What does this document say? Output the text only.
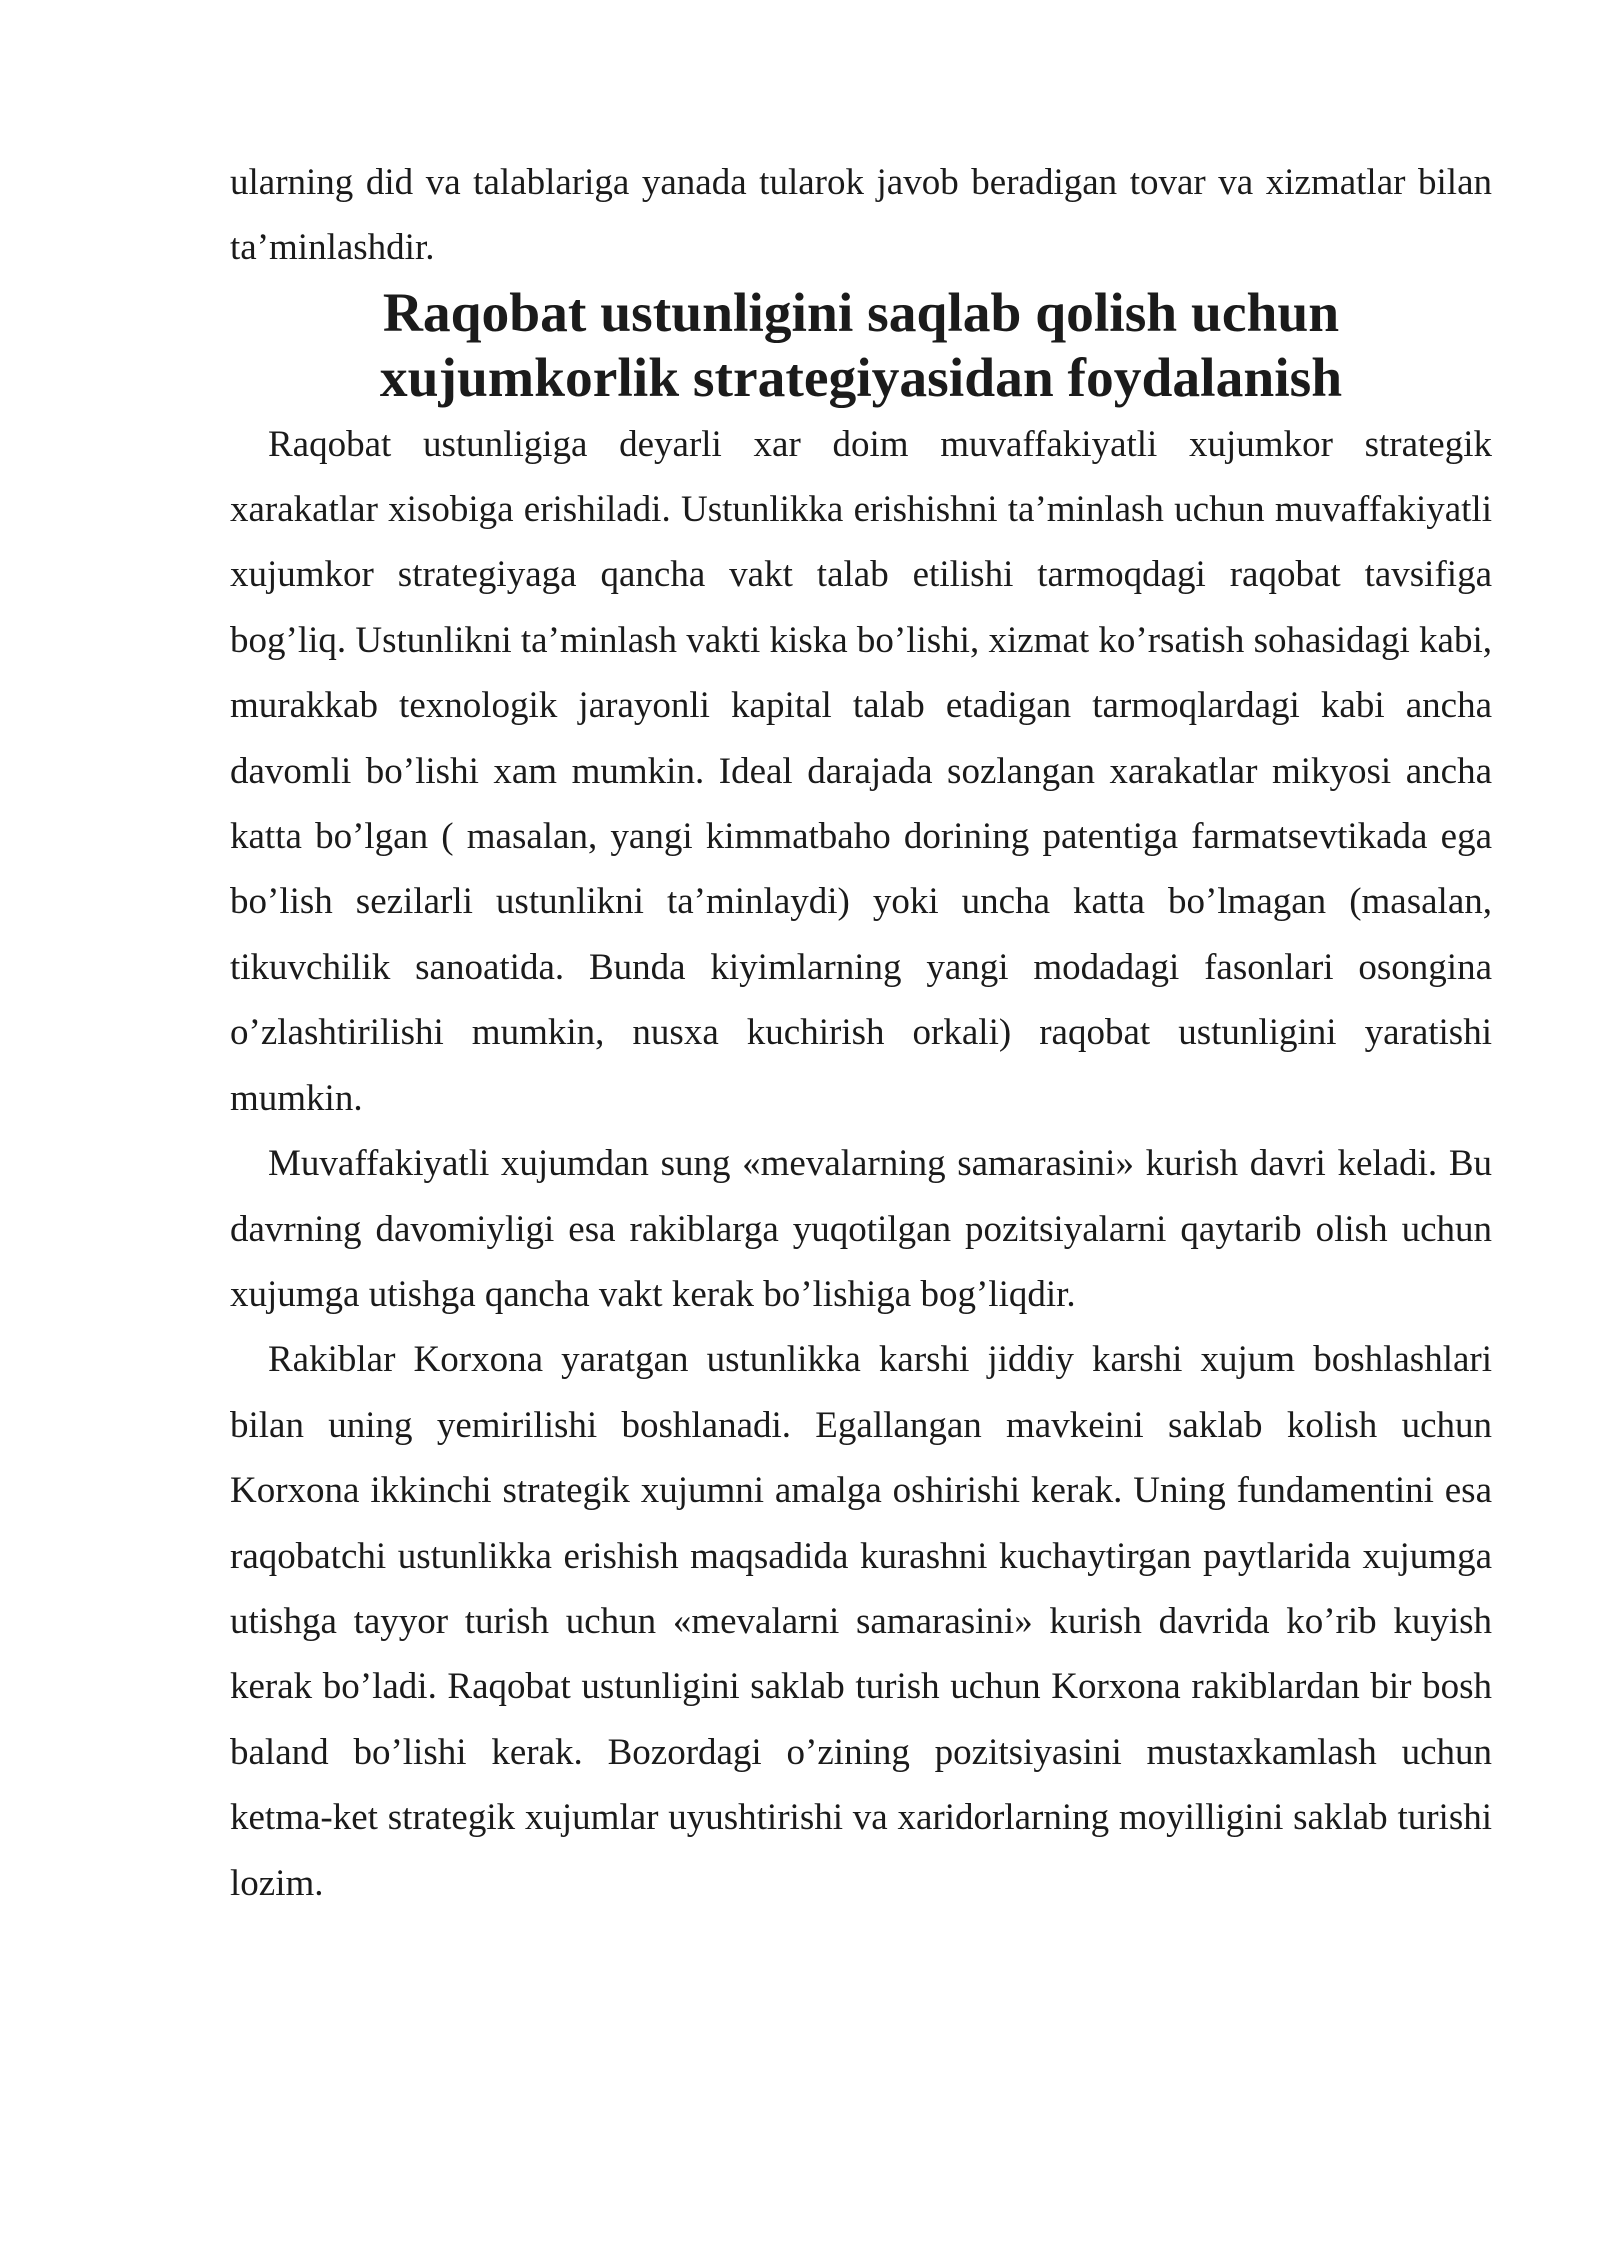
ularning did va talablariga yanada tularok javob beradigan tovar va xizmatlar bilan ta’minlashdir.

Raqobat ustunligini saqlab qolish uchun xujumkorlik strategiyasidan foydalanish

Raqobat ustunligiga deyarli xar doim muvaffakiyatli xujumkor strategik xarakatlar xisobiga erishiladi. Ustunlikka erishishni ta’minlash uchun muvaffakiyatli xujumkor strategiyaga qancha vakt talab etilishi tarmoqdagi raqobat tavsifiga bog’liq. Ustunlikni ta’minlash vakti kiska bo’lishi, xizmat ko’rsatish sohasidagi kabi, murakkab texnologik jarayonli kapital talab etadigan tarmoqlardagi kabi ancha davomli bo’lishi xam mumkin. Ideal darajada sozlangan xarakatlar mikyosi ancha katta bo’lgan ( masalan, yangi kimmatbaho dorining patentiga farmatsevtikada ega bo’lish sezilarli ustunlikni ta’minlaydi) yoki uncha katta bo’lmagan (masalan, tikuvchilik sanoatida. Bunda kiyimlarning yangi modadagi fasonlari osongina o’zlashtirilishi mumkin, nusxa kuchirish orkali) raqobat ustunligini yaratishi mumkin.

Muvaffakiyatli xujumdan sung «mevalarning samarasini» kurish davri keladi. Bu davrning davomiyligi esa rakiblarga yuqotilgan pozitsiyalarni qaytarib olish uchun xujumga utishga qancha vakt kerak bo’lishiga bog’liqdir.

Rakiblar Korxona yaratgan ustunlikka karshi jiddiy karshi xujum boshlashlari bilan uning yemirilishi boshlanadi. Egallangan mavkeini saklab kolish uchun Korxona ikkinchi strategik xujumni amalga oshirishi kerak. Uning fundamentini esa raqobatchi ustunlikka erishish maqsadida kurashni kuchaytirgan paytlarida xujumga utishga tayyor turish uchun «mevalarni samarasini» kurish davrida ko’rib kuyish kerak bo’ladi. Raqobat ustunligini saklab turish uchun Korxona rakiblardan bir bosh baland bo’lishi kerak. Bozordagi o’zining pozitsiyasini mustaxkamlash uchun ketma-ket strategik xujumlar uyushtirishi va xaridorlarning moyilligini saklab turishi lozim.
